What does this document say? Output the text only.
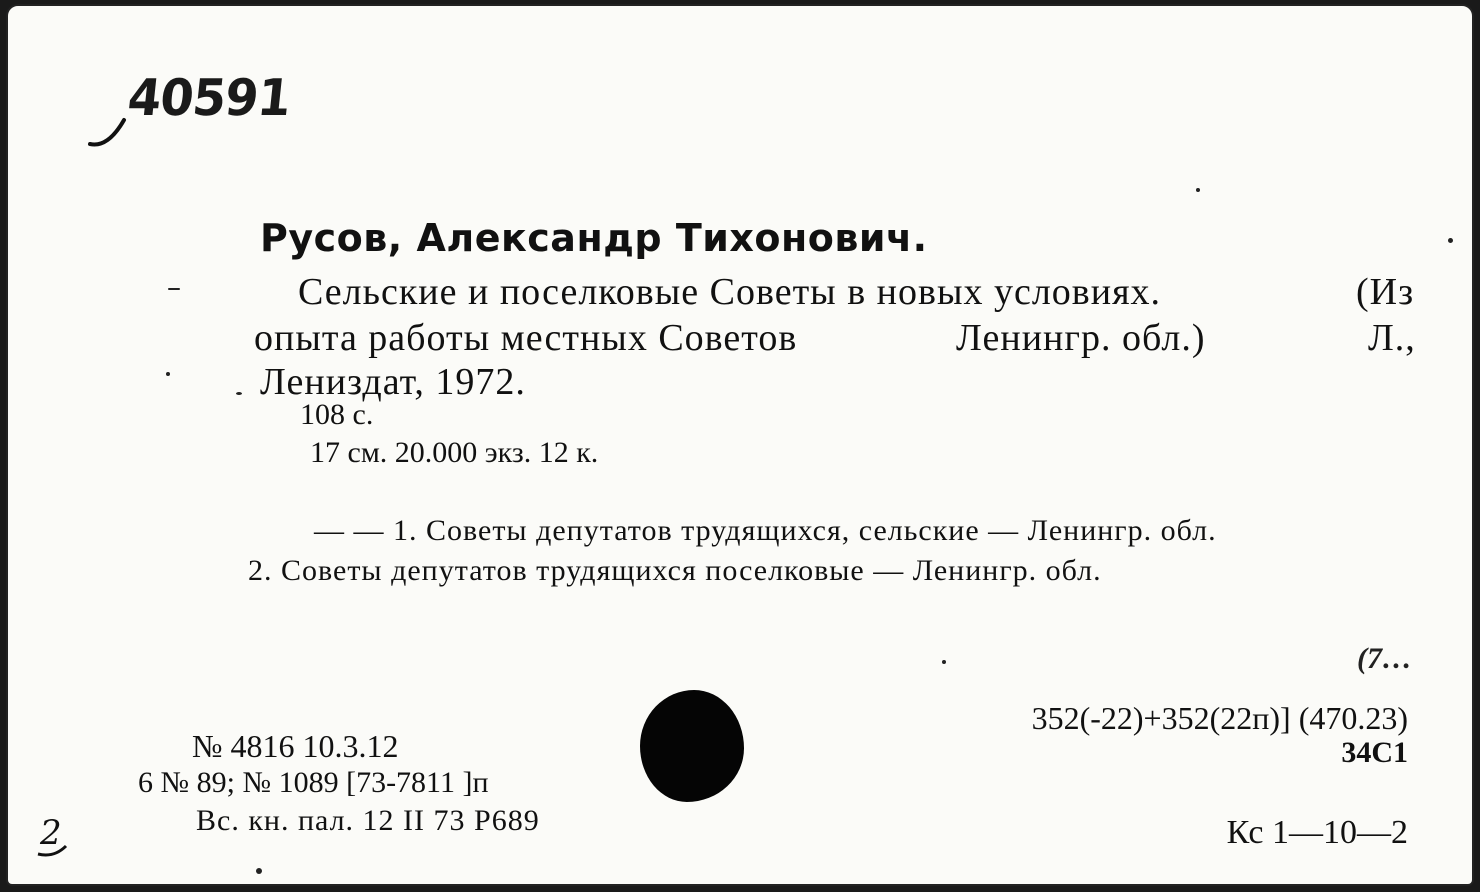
40591
Русов, Александр Тихонович.
Сельские и поселковые Советы в новых условиях.	(Из
опыта работы местных Советов	Ленингр. обл.)	Л.,
Лениздат, 1972.
108 с.
17 см. 20.000 экз. 12 к.
— — 1. Советы депутатов трудящихся, сельские — Ленингр. обл.
2. Советы депутатов трудящихся поселковые — Ленингр. обл.
(7…
352(-22)+352(22п)] (470.23)
34С1
№ 4816 10.3.12
6 № 89; № 1089 [73-7811 ]п
Вс. кн. пал. 12 II 73 Р689	Кс 1—10—2
2
